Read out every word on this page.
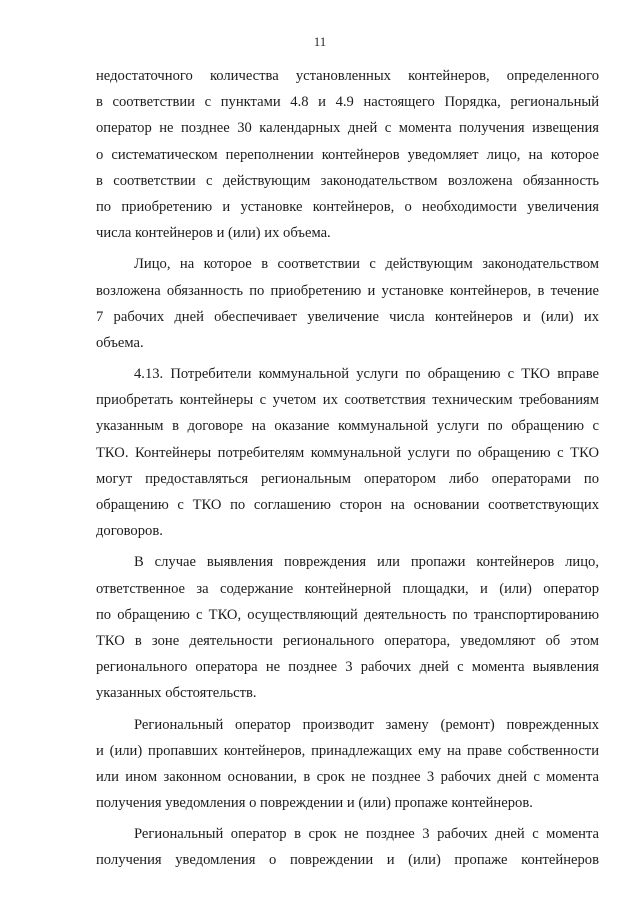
11
недостаточного количества установленных контейнеров, определенного
в соответствии с пунктами 4.8 и 4.9 настоящего Порядка, региональный
оператор не позднее 30 календарных дней с момента получения извещения
о систематическом переполнении контейнеров уведомляет лицо, на которое
в соответствии с действующим законодательством возложена обязанность
по приобретению и установке контейнеров, о необходимости увеличения
числа контейнеров и (или) их объема.
Лицо, на которое в соответствии с действующим законодательством
возложена обязанность по приобретению и установке контейнеров, в течение
7 рабочих дней обеспечивает увеличение числа контейнеров и (или) их
объема.
4.13. Потребители коммунальной услуги по обращению с ТКО вправе
приобретать контейнеры с учетом их соответствия техническим требованиям
указанным в договоре на оказание коммунальной услуги по обращению с
ТКО. Контейнеры потребителям коммунальной услуги по обращению с ТКО
могут предоставляться региональным оператором либо операторами по
обращению с ТКО по соглашению сторон на основании соответствующих
договоров.
В случае выявления повреждения или пропажи контейнеров лицо,
ответственное за содержание контейнерной площадки, и (или) оператор
по обращению с ТКО, осуществляющий деятельность по транспортированию
ТКО в зоне деятельности регионального оператора, уведомляют об этом
регионального оператора не позднее 3 рабочих дней с момента выявления
указанных обстоятельств.
Региональный оператор производит замену (ремонт) поврежденных
и (или) пропавших контейнеров, принадлежащих ему на праве собственности
или ином законном основании, в срок не позднее 3 рабочих дней с момента
получения уведомления о повреждении и (или) пропаже контейнеров.
Региональный оператор в срок не позднее 3 рабочих дней с момента
получения уведомления о повреждении и (или) пропаже контейнеров
